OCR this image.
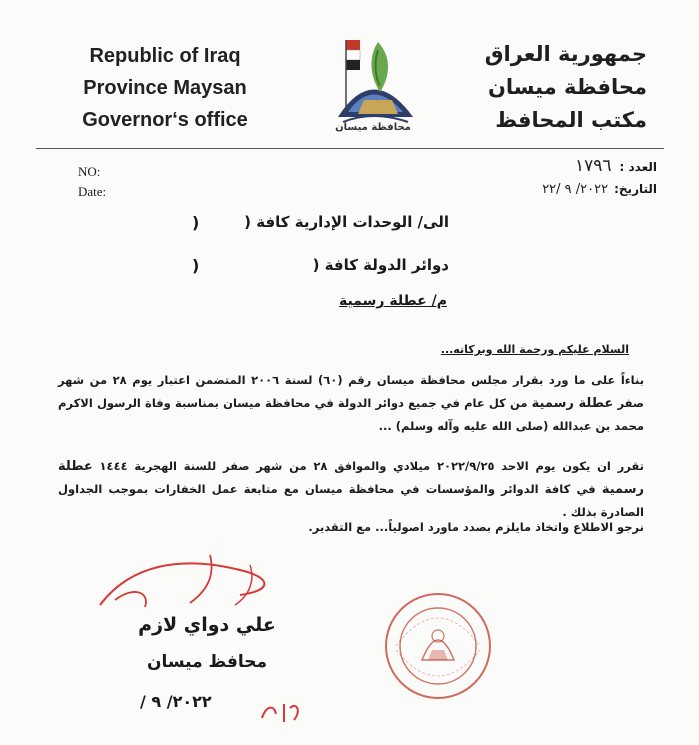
Republic of Iraq
Province Maysan
Governor‘s office	محافظة ميسان
جمهورية العراق
محافظة ميسان
مكتب المحافظ
NO:
Date:
العدد :١٧٩٦
التاريخ:٢٠٢٢/ ٩ /٢٢
الى/ الوحدات الإدارية كافة (
)
دوائر الدولة كافة (
)
م/ عطلة رسمية
السلام عليكم ورحمة الله وبركاته...
بناءاً على ما ورد بقرار مجلس محافظة ميسان رقم (٦٠) لسنة ٢٠٠٦ المتضمن اعتبار يوم ٢٨ من شهر صفر عطلة رسمية من كل عام في جميع دوائر الدولة في محافظة ميسان بمناسبة وفاة الرسول الاكرم محمد بن عبدالله (صلى الله عليه وآله وسلم) ...
تقرر ان يكون يوم الاحد ٢٠٢٢/٩/٢٥ ميلادي والموافق ٢٨ من شهر صفر للسنة الهجرية ١٤٤٤ عطلة رسمية في كافة الدوائر والمؤسسات في محافظة ميسان مع متابعة عمل الخفارات بموجب الجداول الصادرة بذلك .
نرجو الاطلاع واتخاذ مايلزم بصدد ماورد اصولياً... مع التقدير.
علي دواي لازم
محافظ ميسان
٢٠٢٢/ ٩ /
